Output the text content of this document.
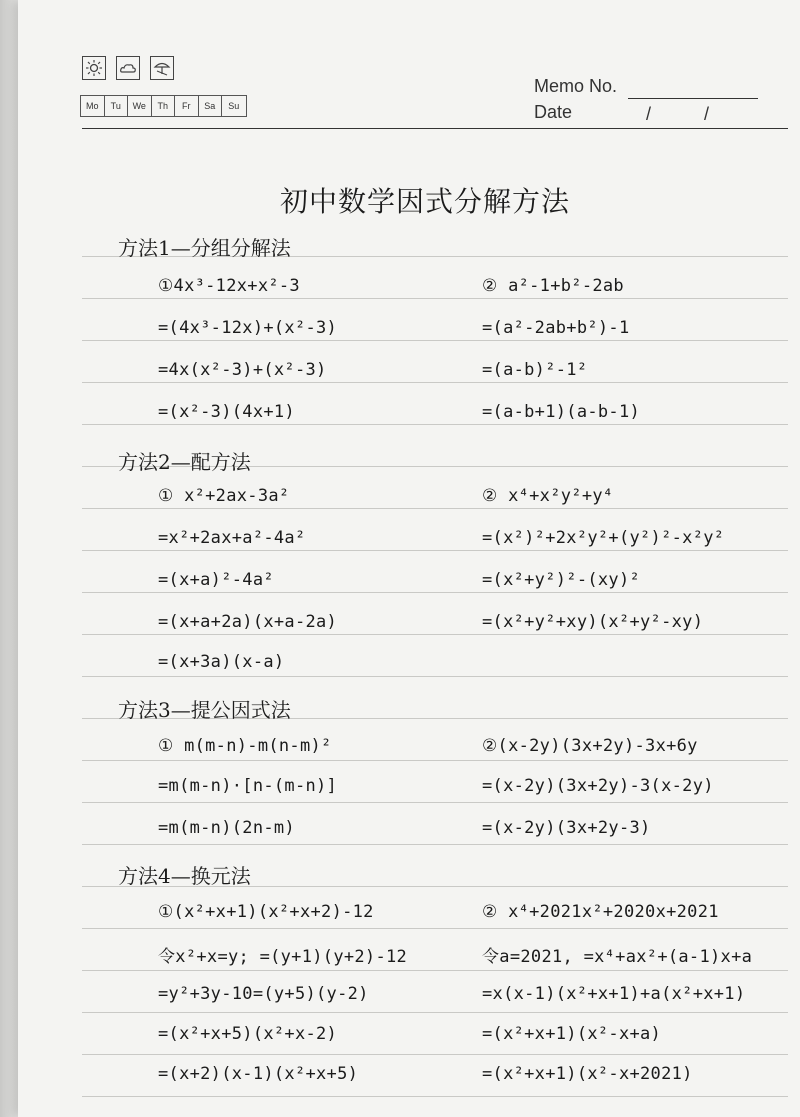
Mo	Tu	We	Th	Fr	Sa	Su
Memo No.
Date	/	/
初中数学因式分解方法
方法1—分组分解法
①4x³-12x+x²-3
=(4x³-12x)+(x²-3)
=4x(x²-3)+(x²-3)
=(x²-3)(4x+1)
② a²-1+b²-2ab
=(a²-2ab+b²)-1
=(a-b)²-1²
=(a-b+1)(a-b-1)
方法2—配方法
① x²+2ax-3a²
=x²+2ax+a²-4a²
=(x+a)²-4a²
=(x+a+2a)(x+a-2a)
=(x+3a)(x-a)
② x⁴+x²y²+y⁴
=(x²)²+2x²y²+(y²)²-x²y²
=(x²+y²)²-(xy)²
=(x²+y²+xy)(x²+y²-xy)
方法3—提公因式法
① m(m-n)-m(n-m)²
=m(m-n)·[n-(m-n)]
=m(m-n)(2n-m)
②(x-2y)(3x+2y)-3x+6y
=(x-2y)(3x+2y)-3(x-2y)
=(x-2y)(3x+2y-3)
方法4—换元法
①(x²+x+1)(x²+x+2)-12
令x²+x=y; =(y+1)(y+2)-12
=y²+3y-10=(y+5)(y-2)
=(x²+x+5)(x²+x-2)
=(x+2)(x-1)(x²+x+5)
② x⁴+2021x²+2020x+2021
令a=2021, =x⁴+ax²+(a-1)x+a
=x(x-1)(x²+x+1)+a(x²+x+1)
=(x²+x+1)(x²-x+a)
=(x²+x+1)(x²-x+2021)
